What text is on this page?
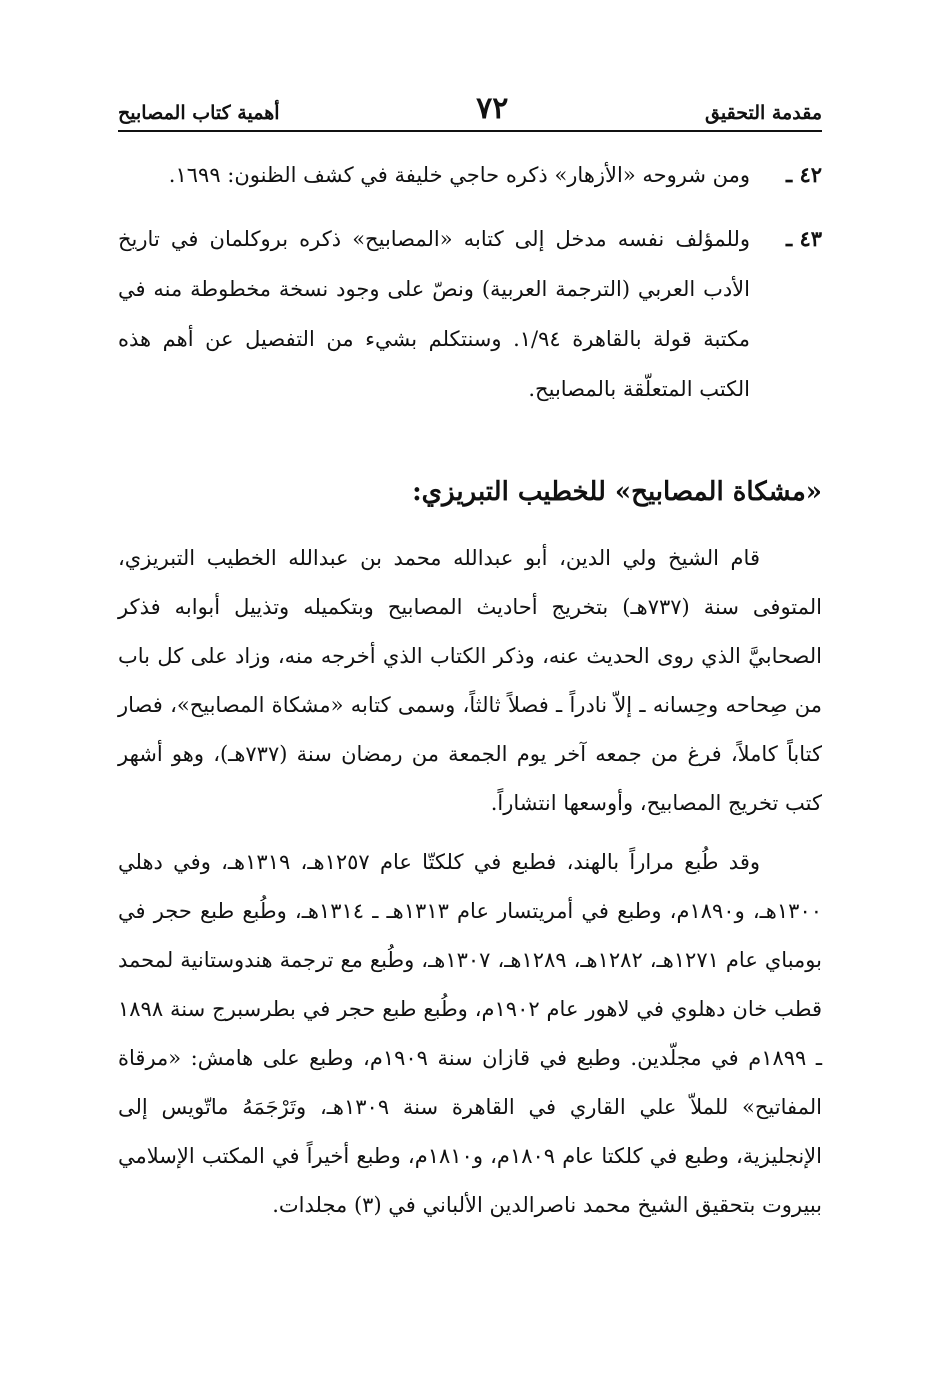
مقدمة التحقيق
٧٢
أهمية كتاب المصابيح
٤٢ ـ
ومن شروحه «الأزهار» ذكره حاجي خليفة في كشف الظنون: ١٦٩٩.
٤٣ ـ
وللمؤلف نفسه مدخل إلى كتابه «المصابيح» ذكره بروكلمان في تاريخ الأدب العربي (الترجمة العربية) ونصّ على وجود نسخة مخطوطة منه في مكتبة قولة بالقاهرة ١/٩٤. وسنتكلم بشيء من التفصيل عن أهم هذه الكتب المتعلّقة بالمصابيح.
«مشكاة المصابيح» للخطيب التبريزي:

قام الشيخ ولي الدين، أبو عبدالله محمد بن عبدالله الخطيب التبريزي، المتوفى سنة (٧٣٧هـ) بتخريج أحاديث المصابيح وبتكميله وتذييل أبوابه فذكر الصحابيَّ الذي روى الحديث عنه، وذكر الكتاب الذي أخرجه منه، وزاد على كل باب من صِحاحه وحِسانه ـ إلاّ نادراً ـ فصلاً ثالثاً، وسمى كتابه «مشكاة المصابيح»، فصار كتاباً كاملاً، فرغ من جمعه آخر يوم الجمعة من رمضان سنة (٧٣٧هـ)، وهو أشهر كتب تخريج المصابيح، وأوسعها انتشاراً.

وقد طُبع مراراً بالهند، فطبع في كلكتّا عام ١٢٥٧هـ، ١٣١٩هـ، وفي دهلي ١٣٠٠هـ، و١٨٩٠م، وطبع في أمريتسار عام ١٣١٣هـ ـ ١٣١٤هـ، وطُبع طبع حجر في بومباي عام ١٢٧١هـ، ١٢٨٢هـ، ١٢٨٩هـ، ١٣٠٧هـ، وطُبع مع ترجمة هندوستانية لمحمد قطب خان دهلوي في لاهور عام ١٩٠٢م، وطُبع طبع حجر في بطرسبرج سنة ١٨٩٨ ـ ١٨٩٩م في مجلّدين. وطبع في قازان سنة ١٩٠٩م، وطبع على هامش: «مرقاة المفاتيح» للملاّ علي القاري في القاهرة سنة ١٣٠٩هـ، وتَرْجَمَهُ ماتّويس إلى الإنجليزية، وطبع في كلكتا عام ١٨٠٩م، و١٨١٠م، وطبع أخيراً في المكتب الإسلامي ببيروت بتحقيق الشيخ محمد ناصرالدين الألباني في (٣) مجلدات.
